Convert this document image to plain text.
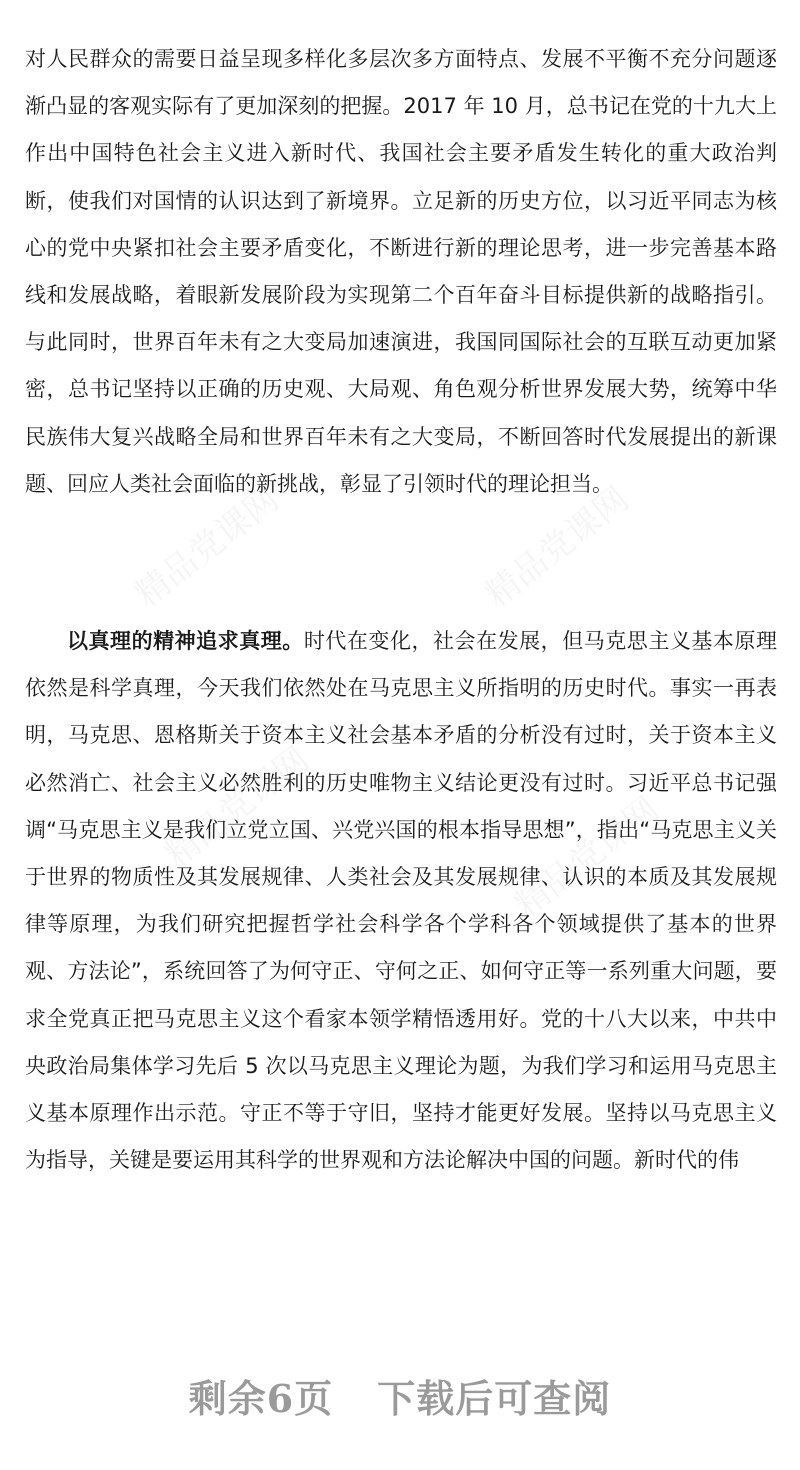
精品党课网	精品党课网
精品党课网	精品党课网

对人民群众的需要日益呈现多样化多层次多方面特点、发展不平衡不充分问题逐渐凸显的客观实际有了更加深刻的把握。2017 年 10 月，总书记在党的十九大上作出中国特色社会主义进入新时代、我国社会主要矛盾发生转化的重大政治判断，使我们对国情的认识达到了新境界。立足新的历史方位，以习近平同志为核心的党中央紧扣社会主要矛盾变化，不断进行新的理论思考，进一步完善基本路线和发展战略，着眼新发展阶段为实现第二个百年奋斗目标提供新的战略指引。与此同时，世界百年未有之大变局加速演进，我国同国际社会的互联互动更加紧密，总书记坚持以正确的历史观、大局观、角色观分析世界发展大势，统筹中华民族伟大复兴战略全局和世界百年未有之大变局，不断回答时代发展提出的新课题、回应人类社会面临的新挑战，彰显了引领时代的理论担当。

以真理的精神追求真理。时代在变化，社会在发展，但马克思主义基本原理依然是科学真理，今天我们依然处在马克思主义所指明的历史时代。事实一再表明，马克思、恩格斯关于资本主义社会基本矛盾的分析没有过时，关于资本主义必然消亡、社会主义必然胜利的历史唯物主义结论更没有过时。习近平总书记强调“马克思主义是我们立党立国、兴党兴国的根本指导思想”，指出“马克思主义关于世界的物质性及其发展规律、人类社会及其发展规律、认识的本质及其发展规律等原理，为我们研究把握哲学社会科学各个学科各个领域提供了基本的世界观、方法论”，系统回答了为何守正、守何之正、如何守正等一系列重大问题，要求全党真正把马克思主义这个看家本领学精悟透用好。党的十八大以来，中共中央政治局集体学习先后 5 次以马克思主义理论为题，为我们学习和运用马克思主义基本原理作出示范。守正不等于守旧，坚持才能更好发展。坚持以马克思主义为指导，关键是要运用其科学的世界观和方法论解决中国的问题。新时代的伟

剩余6页 下载后可查阅
